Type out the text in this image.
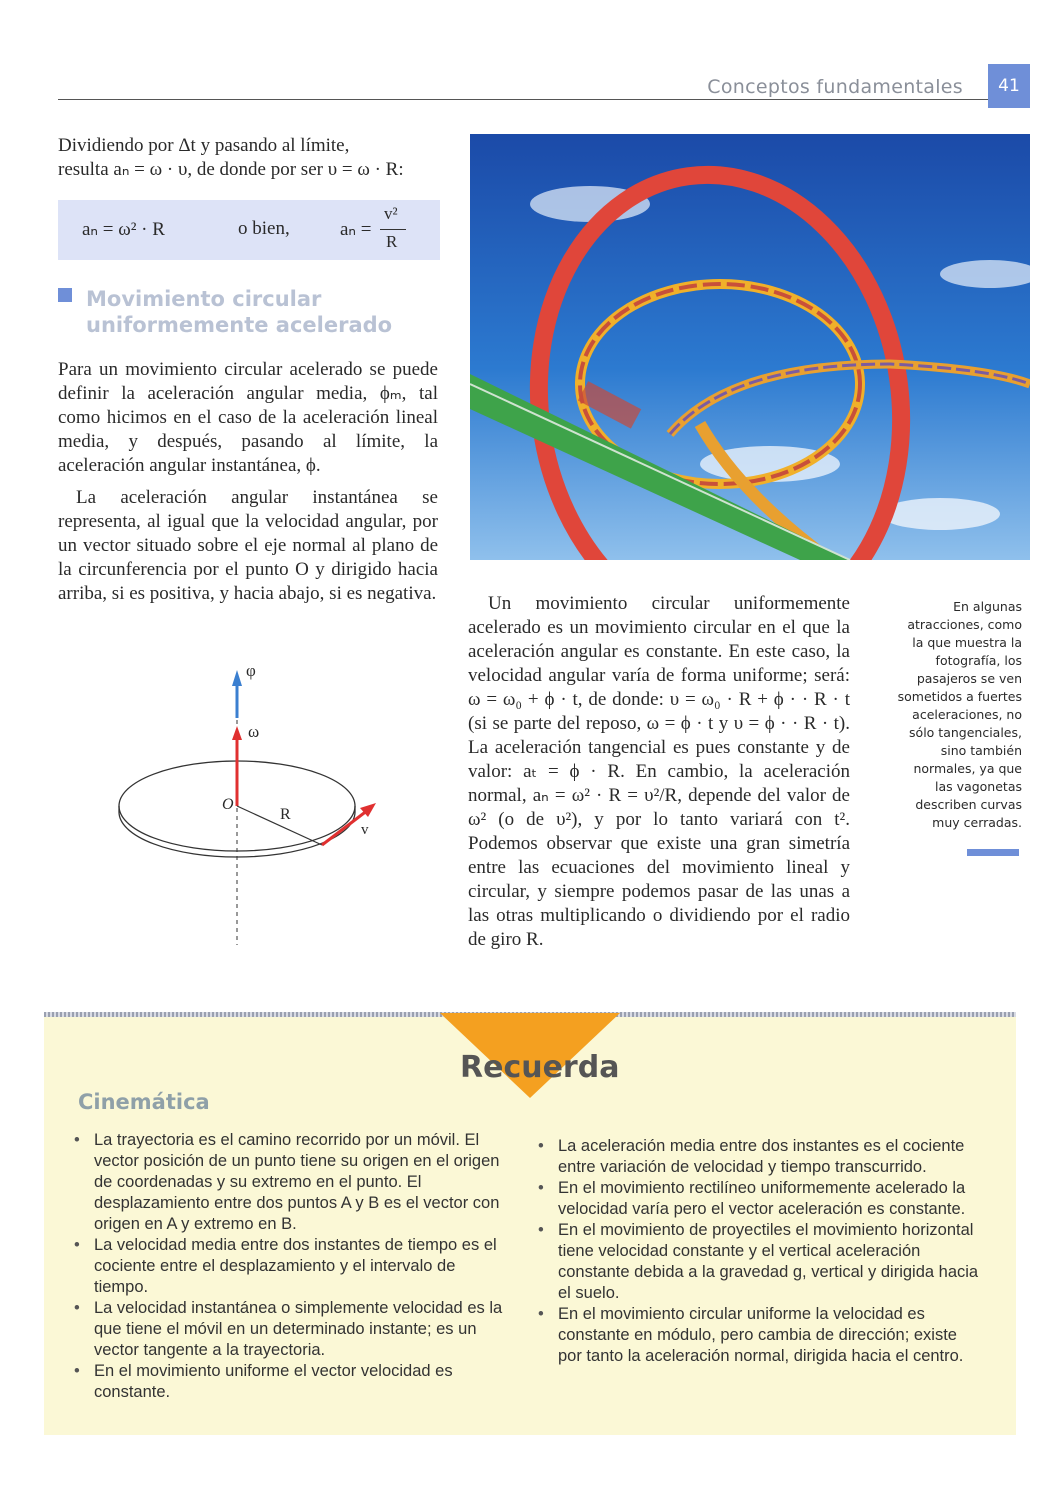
Conceptos fundamentales	41
Dividiendo por Δt y pasando al límite,
resulta aₙ = ω · υ, de donde por ser υ = ω · R:
aₙ = ω² · R	o bien,	aₙ =
v²
R
Movimiento circular
uniformemente acelerado
Para un movimiento circular acelerado se puede definir la aceleración angular media, ϕₘ, tal como hicimos en el caso de la aceleración lineal media, y después, pasando al límite, la aceleración angular instantánea, ϕ.
La aceleración angular instantánea se representa, al igual que la velocidad angular, por un vector situado sobre el eje normal al plano de la circunferencia por el punto O y dirigido hacia arriba, si es positiva, y hacia abajo, si es negativa.
φ
ω
O
R
v
Un movimiento circular uniformemente acelerado es un movimiento circular en el que la aceleración angular es constante. En este caso, la velocidad angular varía de forma uniforme; será: ω = ω₀ + ϕ · t, de donde: υ = ω₀ · R + ϕ · · R · t (si se parte del reposo, ω = ϕ · t y υ = ϕ · · R · t). La aceleración tangencial es pues constante y de valor: aₜ = ϕ · R. En cambio, la aceleración normal, aₙ = ω² · R = υ²/R, depende del valor de ω² (o de υ²), y por lo tanto variará con t². Podemos observar que existe una gran simetría entre las ecuaciones del movimiento lineal y circular, y siempre podemos pasar de las unas a las otras multiplicando o dividiendo por el radio de giro R.
En algunas
atracciones, como
la que muestra la
fotografía, los
pasajeros se ven
sometidos a fuertes
aceleraciones, no
sólo tangenciales,
sino también
normales, ya que
las vagonetas
describen curvas
muy cerradas.
Recuerda
Cinemática
• La trayectoria es el camino recorrido por un móvil. El vector posición de un punto tiene su origen en el origen de coordenadas y su extremo en el punto. El desplazamiento entre dos puntos A y B es el vector con origen en A y extremo en B.
• La velocidad media entre dos instantes de tiempo es el cociente entre el desplazamiento y el intervalo de tiempo.
• La velocidad instantánea o simplemente velocidad es la que tiene el móvil en un determinado instante; es un vector tangente a la trayectoria.
• En el movimiento uniforme el vector velocidad es constante.
• La aceleración media entre dos instantes es el cociente entre variación de velocidad y tiempo transcurrido.
• En el movimiento rectilíneo uniformemente acelerado la velocidad varía pero el vector aceleración es constante.
• En el movimiento de proyectiles el movimiento horizontal tiene velocidad constante y el vertical aceleración constante debida a la gravedad g, vertical y dirigida hacia el suelo.
• En el movimiento circular uniforme la velocidad es constante en módulo, pero cambia de dirección; existe por tanto la aceleración normal, dirigida hacia el centro.
